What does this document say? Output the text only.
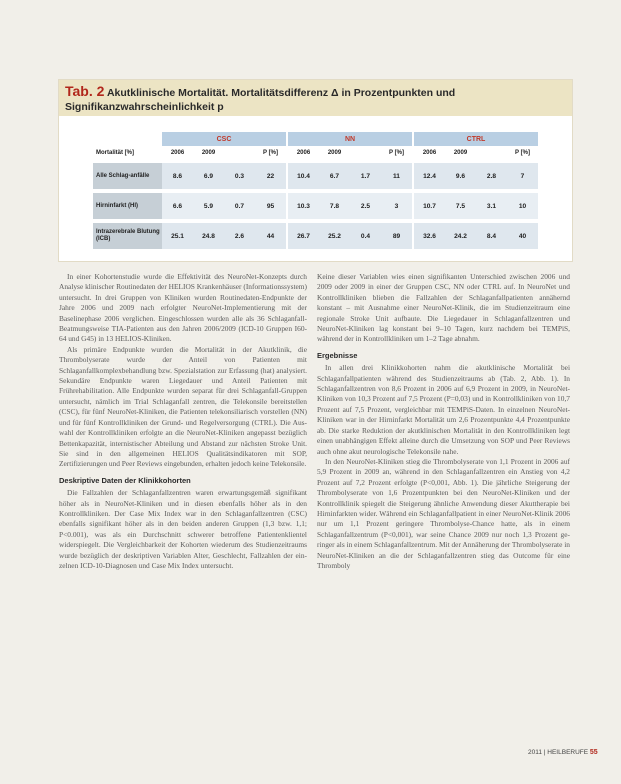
Tab. 2 Akutklinische Mortalität. Mortalitätsdifferenz Δ in Prozentpunkten und Signifikanzwahrscheinlichkeit p
	CSC				NN				CTRL			
Mortalität [%]	2006	2009		P [%]	2006	2009		P [%]	2006	2009		P [%]

Alle Schlag-anfälle	8.6	6.9	0.3	22	10.4	6.7	1.7	11	12.4	9.6	2.8	7

Hirninfarkt (HI)	6.6	5.9	0.7	95	10.3	7.8	2.5	3	10.7	7.5	3.1	10

Intrazerebrale Blutung (ICB)	25.1	24.8	2.6	44	26.7	25.2	0.4	89	32.6	24.2	8.4	40

In einer Kohortenstudie wurde die Effektivität des NeuroNet-Konzepts durch Analyse klinischer Routinedaten der HELIOS Krankenhäuser (Informationssystem) untersucht. In drei Gruppen von Kliniken wurden Routinedaten-Endpunkte der Jahre 2006 und 2009 nach erfolgter NeuroNet-Implementierung mit der Baselinephase 2006 verglichen. Eingeschlossen wurden alle als 36 Schlaganfall-Beatmungsweise TIA-Patienten aus den Jahren 2006/2009 (ICD-10 Gruppen I60-64 und G45) in 13 HELIOS-Kliniken.

Als primäre Endpunkte wurden die Mortalität in der Akutklinik, die Thrombolyserate wurde der Anteil von Patienten mit Schlaganfallkomplexbehandlung bzw. Spezialstation zur Erfassung (hat) analysiert. Sekundäre Endpunkte waren Liegedauer und Anteil Patienten mit Frührehabilitation. Alle Endpunkte wurden separat für drei Schlaganfall-Gruppen untersucht, nämlich im Trial Schlaganfall zentren, die Telekonsile bereitstellen (CSC), für fünf NeuroNet-Kliniken, die Patienten telekonsiliarisch vorstellen (NN) und für fünf Kontrollkliniken der Grund- und Regelversorgung (CTRL). Die Auswahl der Kontrollkliniken erfolgte an die NeuroNet-Kliniken angepasst bezüglich Bettenkapazität, internistischer Abteilung und Abstand zur nächsten Stroke Unit. Sie sind in den allgemeinen HELIOS Qualitätsindikatoren mit SOP, Zertifizierungen und Peer Reviews eingebunden, erhalten jedoch keine Telekonsile.

Deskriptive Daten der Klinikkohorten

Die Fallzahlen der Schlaganfallzentren waren erwartungsgemäß signifikant höher als in NeuroNet-Kliniken und in diesen ebenfalls höher als in den Kontrollkliniken. Der Case Mix Index war in den Schlaganfallzentren (CSC) ebenfalls signifikant höher als in den beiden anderen Gruppen (1,3 bzw. 1,1; P<0.001), was als ein Durchschnitt schwerer betroffene Patientenklientel widerspiegelt. Die Vergleichbarkeit der Kohorten wiederum des Studienzeitraums wurde bezüglich der deskriptiven Variablen Alter, Geschlecht, Fallzahlen der einzelnen ICD-10-Diagnosen und Case Mix Index untersucht.

Keine dieser Variablen wies einen signifikanten Unterschied zwischen 2006 und 2009 oder 2009 in einer der Gruppen CSC, NN oder CTRL auf. In NeuroNet und Kontrollkliniken blieben die Fallzahlen der Schlaganfallpatienten annähernd konstant – mit Ausnahme einer NeuroNet-Klinik, die im Studienzeitraum eine regionale Stroke Unit aufbaute. Die Liegedauer in Schlaganfallzentren und NeuroNet-Kliniken lag konstant bei 9–10 Tagen, kurz nachdem bei TEMPiS, während der in Kontrollkliniken um 1–2 Tage abnahm.

Ergebnisse

In allen drei Klinikkohorten nahm die akutklinische Mortalität bei Schlaganfallpatienten während des Studienzeitraums ab (Tab. 2, Abb. 1). In Schlaganfallzentren von 8,6 Prozent in 2006 auf 6,9 Prozent in 2009, in NeuroNet-Kliniken von 10,3 Prozent auf 7,5 Prozent (P=0,03) und in Kontrollkliniken von 10,7 Prozent auf 7,5 Prozent, vergleichbar mit TEMPiS-Daten. In einzelnen NeuroNet-Kliniken war in der Hirninfarkt Mortalität um 2,6 Prozentpunkte 4,4 Prozentpunkte ab. Die starke Reduktion der akutklinischen Mortalität in den Kontrollkliniken legt einen unabhängigen Effekt alleine durch die Umsetzung von SOP und Peer Reviews auch ohne akut neurologische Telekonsile nahe.

In den NeuroNet-Kliniken stieg die Thrombolyserate von 1,1 Prozent in 2006 auf 5,9 Prozent in 2009 an, während in den Schlaganfallzentren ein Anstieg von 4,2 Prozent auf 7,2 Prozent erfolgte (P<0,001, Abb. 1). Die jährliche Steigerung der Thrombolyserate von 1,6 Prozentpunkten bei den NeuroNet-Kliniken und der Kontrollklinik spiegelt die Steigerung ähnliche Anwendung dieser Akuttherapie bei Hirninfarkten wider. Während ein Schlaganfallpatient in einer NeuroNet-Klinik 2006 nur um 1,1 Prozent geringere Thrombolyse-Chance hatte, als in einem Schlaganfallzentrum (P<0,001), war seine Chance 2009 nur noch 1,3 Prozent geringer als in einem Schlaganfallzentrum. Mit der Annäherung der Thrombolyserate in NeuroNet-Kliniken an die der Schlaganfallzentren stieg das Outcome für eine Thromboly

2011 | HEILBERUFE 55
